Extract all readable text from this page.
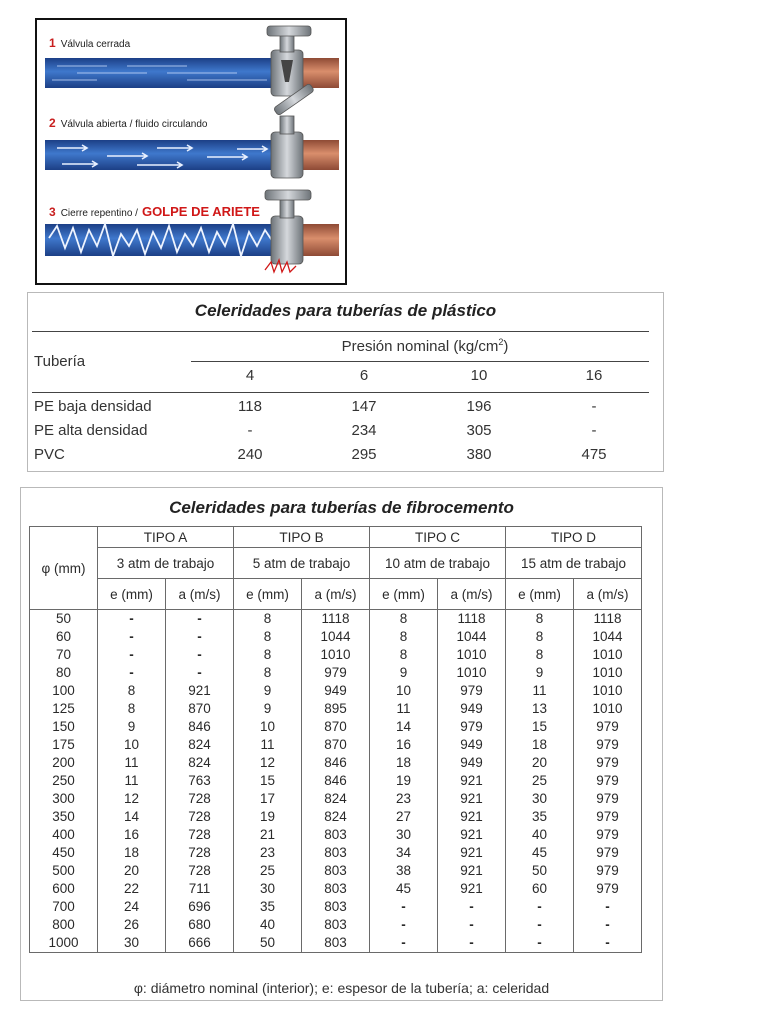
1 Válvula cerrada
2 Válvula abierta / fluido circulando
3 Cierre repentino / GOLPE DE ARIETE
Celeridades para tuberías de plástico
Tubería
Presión nominal $(kg/cm^2)$
4	6	10	16
PE baja densidad	118	147	196	-
PE alta densidad	-	234	305	-
PVC	240	295	380	475
Celeridades para tuberías de fibrocemento
φ (mm)	TIPO A		TIPO B		TIPO C		TIPO D	
	3 atm de trabajo		5 atm de trabajo		10 atm de trabajo		15 atm de trabajo	
	e (mm)	a (m/s)	e (mm)	a (m/s)	e (mm)	a (m/s)	e (mm)	a (m/s)
50	-	-	8	1118	8	1118	8	1118
60	-	-	8	1044	8	1044	8	1044
70	-	-	8	1010	8	1010	8	1010
80	-	-	8	979	9	1010	9	1010
100	8	921	9	949	10	979	11	1010
125	8	870	9	895	11	949	13	1010
150	9	846	10	870	14	979	15	979
175	10	824	11	870	16	949	18	979
200	11	824	12	846	18	949	20	979
250	11	763	15	846	19	921	25	979
300	12	728	17	824	23	921	30	979
350	14	728	19	824	27	921	35	979
400	16	728	21	803	30	921	40	979
450	18	728	23	803	34	921	45	979
500	20	728	25	803	38	921	50	979
600	22	711	30	803	45	921	60	979
700	24	696	35	803	-	-	-	-
800	26	680	40	803	-	-	-	-
1000	30	666	50	803	-	-	-	-
φ: diámetro nominal (interior); e: espesor de la tubería; a: celeridad
